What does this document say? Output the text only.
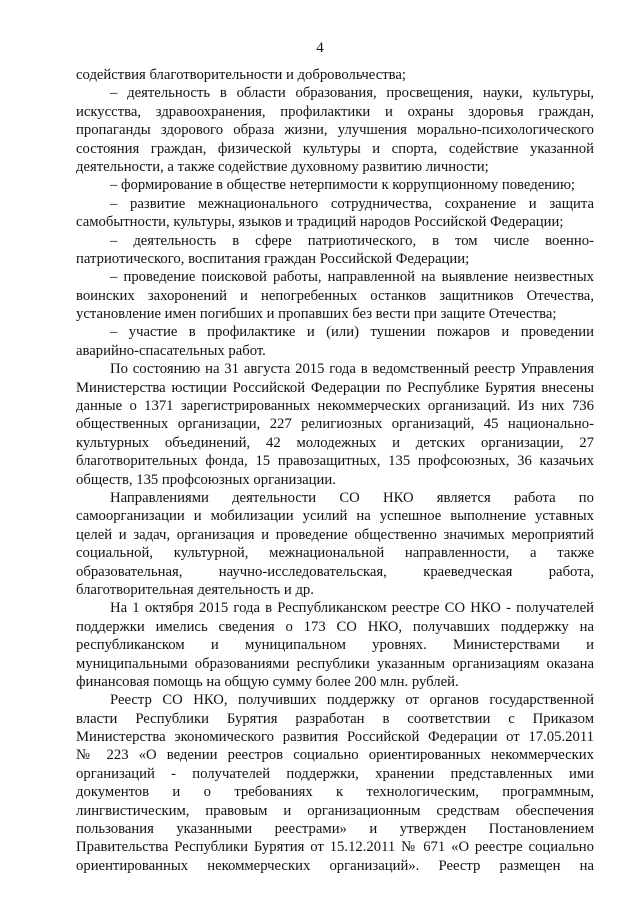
4
содействия благотворительности и добровольчества;
– деятельность в области образования, просвещения, науки, культуры,
искусства, здравоохранения, профилактики и охраны здоровья граждан,
пропаганды здорового образа жизни, улучшения морально-психологического
состояния граждан, физической культуры и спорта, содействие указанной
деятельности, а также содействие духовному развитию личности;
– формирование в обществе нетерпимости к коррупционному поведению;
– развитие межнационального сотрудничества, сохранение и защита
самобытности, культуры, языков и традиций народов Российской Федерации;
– деятельность в сфере патриотического, в том числе военно-
патриотического, воспитания граждан Российской Федерации;
– проведение поисковой работы, направленной на выявление неизвестных
воинских захоронений и непогребенных останков защитников Отечества,
установление имен погибших и пропавших без вести при защите Отечества;
– участие в профилактике и (или) тушении пожаров и проведении
аварийно-спасательных работ.
По состоянию на 31 августа 2015 года в ведомственный реестр Управления
Министерства юстиции Российской Федерации по Республике Бурятия внесены
данные о 1371 зарегистрированных некоммерческих организаций. Из них 736
общественных организации, 227 религиозных организаций, 45 национально-
культурных объединений, 42 молодежных и детских организации, 27
благотворительных фонда, 15 правозащитных, 135 профсоюзных, 36 казачьих
обществ, 135 профсоюзных организации.
Направлениями деятельности СО НКО является работа по
самоорганизации и мобилизации усилий на успешное выполнение уставных
целей и задач, организация и проведение общественно значимых мероприятий
социальной, культурной, межнациональной направленности, а также
образовательная, научно-исследовательская, краеведческая работа,
благотворительная деятельность и др.
На 1 октября 2015 года в Республиканском реестре СО НКО - получателей
поддержки имелись сведения о 173 СО НКО, получавших поддержку на
республиканском и муниципальном уровнях. Министерствами и
муниципальными образованиями республики указанным организациям оказана
финансовая помощь на общую сумму более 200 млн. рублей.
Реестр СО НКО, получивших поддержку от органов государственной
власти Республики Бурятия разработан в соответствии с Приказом
Министерства экономического развития Российской Федерации от 17.05.2011
№ 223 «О ведении реестров социально ориентированных некоммерческих
организаций - получателей поддержки, хранении представленных ими
документов и о требованиях к технологическим, программным,
лингвистическим, правовым и организационным средствам обеспечения
пользования указанными реестрами» и утвержден Постановлением
Правительства Республики Бурятия от 15.12.2011 № 671 «О реестре социально
ориентированных некоммерческих организаций». Реестр размещен на
